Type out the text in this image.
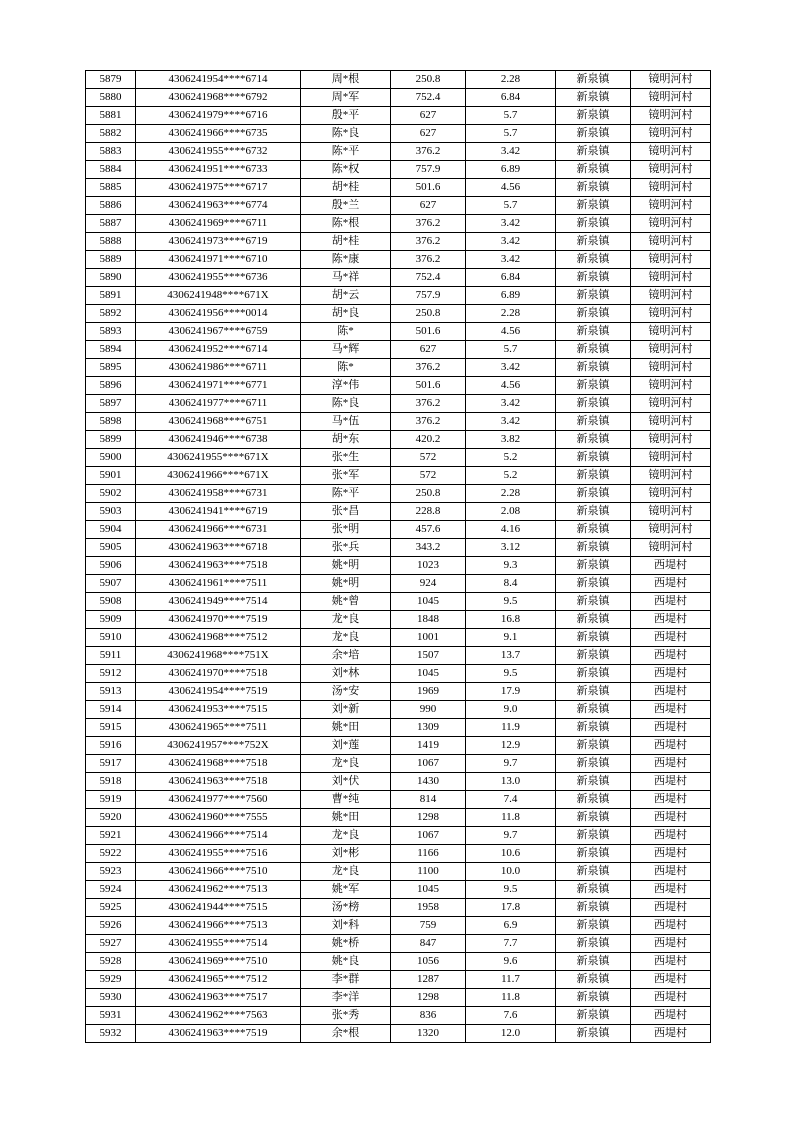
5879	4306241954****6714	周*根	250.8	2.28	新泉镇	镜明河村
5880	4306241968****6792	周*军	752.4	6.84	新泉镇	镜明河村
5881	4306241979****6716	殷*平	627	5.7	新泉镇	镜明河村
5882	4306241966****6735	陈*良	627	5.7	新泉镇	镜明河村
5883	4306241955****6732	陈*平	376.2	3.42	新泉镇	镜明河村
5884	4306241951****6733	陈*权	757.9	6.89	新泉镇	镜明河村
5885	4306241975****6717	胡*桂	501.6	4.56	新泉镇	镜明河村
5886	4306241963****6774	殷*兰	627	5.7	新泉镇	镜明河村
5887	4306241969****6711	陈*根	376.2	3.42	新泉镇	镜明河村
5888	4306241973****6719	胡*桂	376.2	3.42	新泉镇	镜明河村
5889	4306241971****6710	陈*康	376.2	3.42	新泉镇	镜明河村
5890	4306241955****6736	马*祥	752.4	6.84	新泉镇	镜明河村
5891	4306241948****671X	胡*云	757.9	6.89	新泉镇	镜明河村
5892	4306241956****0014	胡*良	250.8	2.28	新泉镇	镜明河村
5893	4306241967****6759	陈*	501.6	4.56	新泉镇	镜明河村
5894	4306241952****6714	马*辉	627	5.7	新泉镇	镜明河村
5895	4306241986****6711	陈*	376.2	3.42	新泉镇	镜明河村
5896	4306241971****6771	淳*伟	501.6	4.56	新泉镇	镜明河村
5897	4306241977****6711	陈*良	376.2	3.42	新泉镇	镜明河村
5898	4306241968****6751	马*伍	376.2	3.42	新泉镇	镜明河村
5899	4306241946****6738	胡*东	420.2	3.82	新泉镇	镜明河村
5900	4306241955****671X	张*生	572	5.2	新泉镇	镜明河村
5901	4306241966****671X	张*军	572	5.2	新泉镇	镜明河村
5902	4306241958****6731	陈*平	250.8	2.28	新泉镇	镜明河村
5903	4306241941****6719	张*昌	228.8	2.08	新泉镇	镜明河村
5904	4306241966****6731	张*明	457.6	4.16	新泉镇	镜明河村
5905	4306241963****6718	张*兵	343.2	3.12	新泉镇	镜明河村
5906	4306241963****7518	姚*明	1023	9.3	新泉镇	西堤村
5907	4306241961****7511	姚*明	924	8.4	新泉镇	西堤村
5908	4306241949****7514	姚*曾	1045	9.5	新泉镇	西堤村
5909	4306241970****7519	龙*良	1848	16.8	新泉镇	西堤村
5910	4306241968****7512	龙*良	1001	9.1	新泉镇	西堤村
5911	4306241968****751X	余*培	1507	13.7	新泉镇	西堤村
5912	4306241970****7518	刘*林	1045	9.5	新泉镇	西堤村
5913	4306241954****7519	汤*安	1969	17.9	新泉镇	西堤村
5914	4306241953****7515	刘*新	990	9.0	新泉镇	西堤村
5915	4306241965****7511	姚*田	1309	11.9	新泉镇	西堤村
5916	4306241957****752X	刘*莲	1419	12.9	新泉镇	西堤村
5917	4306241968****7518	龙*良	1067	9.7	新泉镇	西堤村
5918	4306241963****7518	刘*伏	1430	13.0	新泉镇	西堤村
5919	4306241977****7560	曹*纯	814	7.4	新泉镇	西堤村
5920	4306241960****7555	姚*田	1298	11.8	新泉镇	西堤村
5921	4306241966****7514	龙*良	1067	9.7	新泉镇	西堤村
5922	4306241955****7516	刘*彬	1166	10.6	新泉镇	西堤村
5923	4306241966****7510	龙*良	1100	10.0	新泉镇	西堤村
5924	4306241962****7513	姚*军	1045	9.5	新泉镇	西堤村
5925	4306241944****7515	汤*榜	1958	17.8	新泉镇	西堤村
5926	4306241966****7513	刘*科	759	6.9	新泉镇	西堤村
5927	4306241955****7514	姚*桥	847	7.7	新泉镇	西堤村
5928	4306241969****7510	姚*良	1056	9.6	新泉镇	西堤村
5929	4306241965****7512	李*群	1287	11.7	新泉镇	西堤村
5930	4306241963****7517	李*洋	1298	11.8	新泉镇	西堤村
5931	4306241962****7563	张*秀	836	7.6	新泉镇	西堤村
5932	4306241963****7519	余*根	1320	12.0	新泉镇	西堤村
